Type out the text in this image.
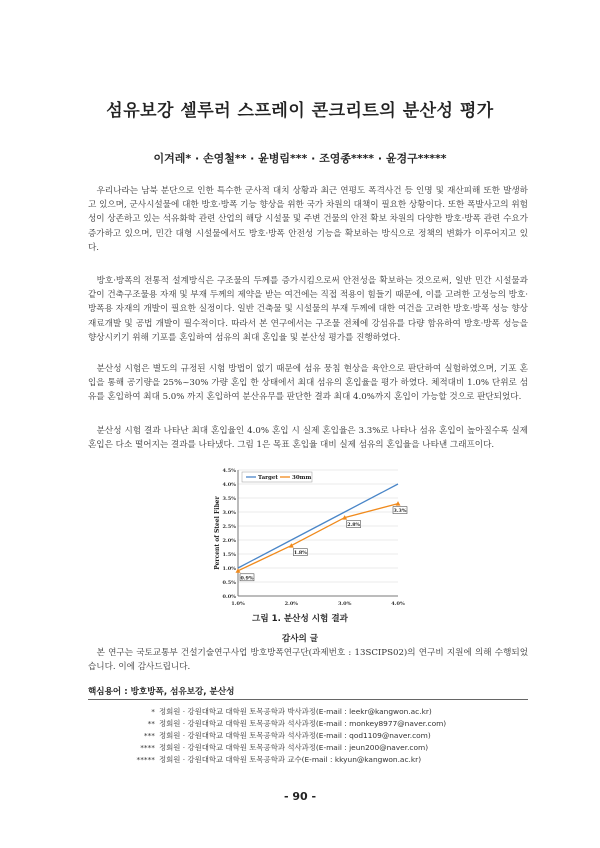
섬유보강 셀루러 스프레이 콘크리트의 분산성 평가
이겨레* · 손영철** · 윤병림*** · 조영종**** · 윤경구*****

우리나라는 남북 분단으로 인한 특수한 군사적 대치 상황과 최근 연평도 폭격사건 등 인명 및 재산피해 또한 발생하고 있으며, 군사시설물에 대한 방호·방폭 기능 향상을 위한 국가 차원의 대책이 필요한 상황이다. 또한 폭발사고의 위험성이 상존하고 있는 석유화학 관련 산업의 해당 시설물 및 주변 건물의 안전 확보 차원의 다양한 방호·방폭 관련 수요가 증가하고 있으며, 민간 대형 시설물에서도 방호·방폭 안전성 기능을 확보하는 방식으로 정책의 변화가 이루어지고 있다.

방호·방폭의 전통적 설계방식은 구조물의 두께를 증가시킴으로써 안전성을 확보하는 것으로써, 일반 민간 시설물과 같이 건축구조물용 자재 및 부재 두께의 제약을 받는 여건에는 직접 적용이 힘들기 때문에, 이를 고려한 고성능의 방호·방폭용 자재의 개발이 필요한 실정이다. 일반 건축물 및 시설물의 부재 두께에 대한 여건을 고려한 방호·방폭 성능 향상 재료개발 및 공법 개발이 필수적이다. 따라서 본 연구에서는 구조물 전체에 강섬유를 다량 함유하여 방호·방폭 성능을 향상시키기 위해 기포를 혼입하여 섬유의 최대 혼입율 및 분산성 평가를 진행하였다.

분산성 시험은 별도의 규정된 시험 방법이 없기 때문에 섬유 뭉침 현상을 육안으로 판단하여 실험하였으며, 기포 혼입을 통해 공기량을 25%~30% 가량 혼입 한 상태에서 최대 섬유의 혼입율을 평가 하였다. 체적대비 1.0% 단위로 섬유를 혼입하여 최대 5.0% 까지 혼입하여 분산유무를 판단한 결과 최대 4.0%까지 혼입이 가능할 것으로 판단되었다.

분산성 시험 결과 나타난 최대 혼입율인 4.0% 혼입 시 실제 혼입율은 3.3%로 나타나 섬유 혼입이 높아질수록 실제 혼입은 다소 떨어지는 결과를 나타냈다. 그림 1은 목표 혼입율 대비 실제 섬유의 혼입율을 나타낸 그래프이다.

0.0%
0.5%
1.0%
1.5%
2.0%
2.5%
3.0%
3.5%
4.0%
4.5%
1.0%	2.0%	3.0%	4.0%
Percent of Steel Fiber
0.9%
1.8%
2.8%
3.3%
Target	30mm
그림 1. 분산성 시험 결과
감사의 글

본 연구는 국토교통부 건설기술연구사업 방호방폭연구단(과제번호 : 13SCIPS02)의 연구비 지원에 의해 수행되었습니다. 이에 감사드립니다.

핵심용어 : 방호방폭, 섬유보강, 분산성
* 정회원 · 강원대학교 대학원 토목공학과 박사과정(E-mail : leekr@kangwon.ac.kr)
** 정회원 · 강원대학교 대학원 토목공학과 석사과정(E-mail : monkey8977@naver.com)
*** 정회원 · 강원대학교 대학원 토목공학과 석사과정(E-mail : qod1109@naver.com)
**** 정회원 · 강원대학교 대학원 토목공학과 석사과정(E-mail : jeun200@naver.com)
***** 정회원 · 강원대학교 대학원 토목공학과 교수(E-mail : kkyun@kangwon.ac.kr)
- 90 -
